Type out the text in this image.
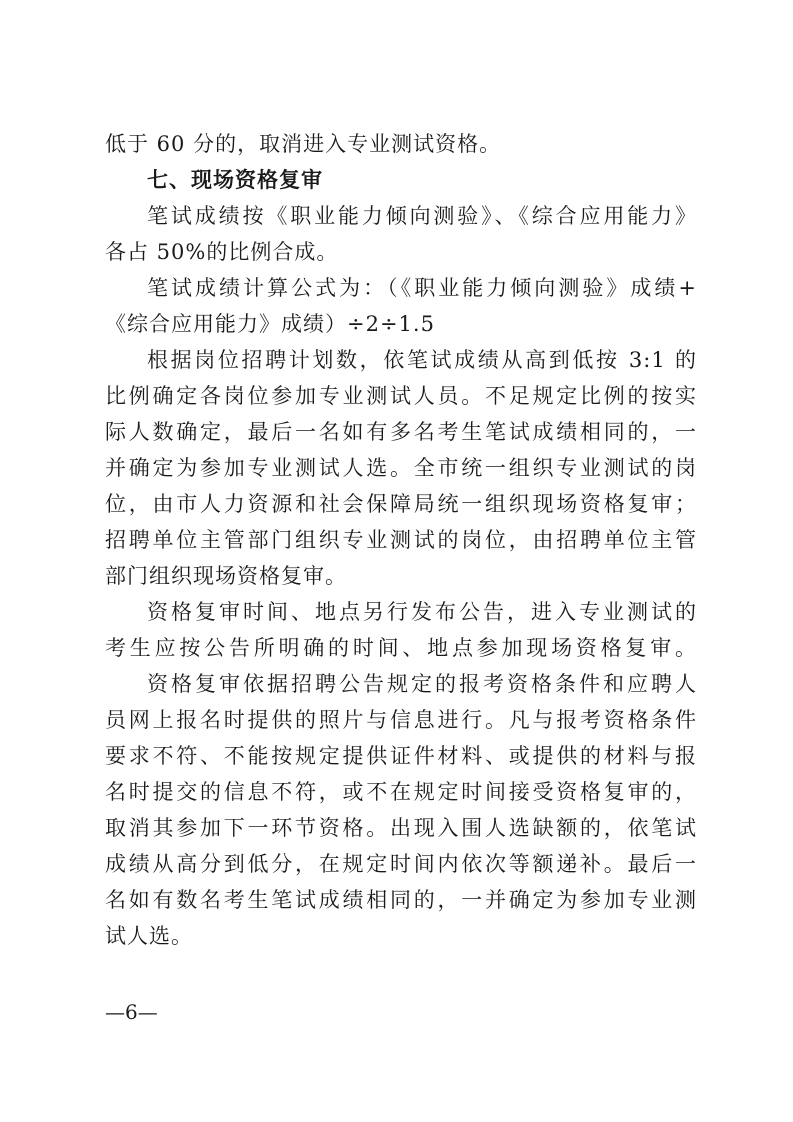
低于 60 分的，取消进入专业测试资格。
七、现场资格复审
笔试成绩按《职业能力倾向测验》、《综合应用能力》
各占 50%的比例合成。
笔试成绩计算公式为：（《职业能力倾向测验》成绩+
《综合应用能力》成绩）÷2÷1.5
根据岗位招聘计划数，依笔试成绩从高到低按 3:1 的
比例确定各岗位参加专业测试人员。不足规定比例的按实
际人数确定，最后一名如有多名考生笔试成绩相同的，一
并确定为参加专业测试人选。全市统一组织专业测试的岗
位，由市人力资源和社会保障局统一组织现场资格复审；
招聘单位主管部门组织专业测试的岗位，由招聘单位主管
部门组织现场资格复审。
资格复审时间、地点另行发布公告，进入专业测试的
考生应按公告所明确的时间、地点参加现场资格复审。
资格复审依据招聘公告规定的报考资格条件和应聘人
员网上报名时提供的照片与信息进行。凡与报考资格条件
要求不符、不能按规定提供证件材料、或提供的材料与报
名时提交的信息不符，或不在规定时间接受资格复审的，
取消其参加下一环节资格。出现入围人选缺额的，依笔试
成绩从高分到低分，在规定时间内依次等额递补。最后一
名如有数名考生笔试成绩相同的，一并确定为参加专业测
试人选。
—6—
